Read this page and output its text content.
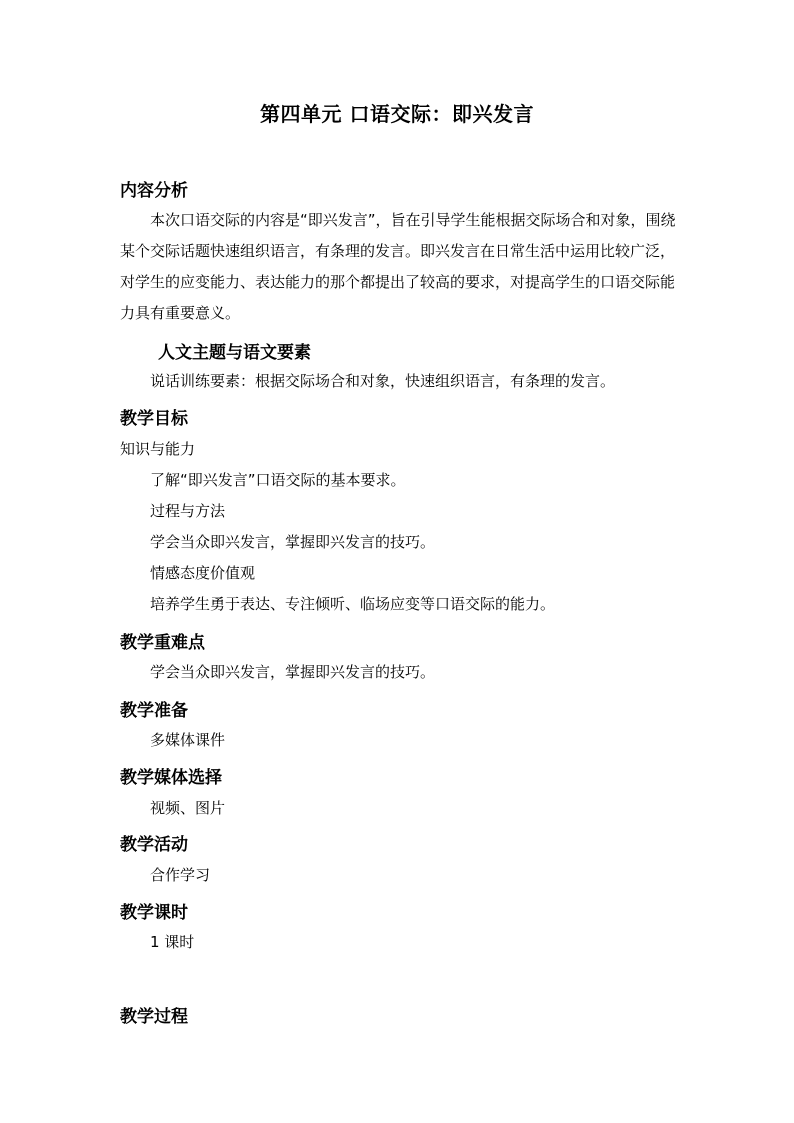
第四单元 口语交际：即兴发言
内容分析
本次口语交际的内容是“即兴发言”，旨在引导学生能根据交际场合和对象，围绕某个交际话题快速组织语言，有条理的发言。即兴发言在日常生活中运用比较广泛，对学生的应变能力、表达能力的那个都提出了较高的要求，对提高学生的口语交际能力具有重要意义。
人文主题与语文要素
说话训练要素：根据交际场合和对象，快速组织语言，有条理的发言。
教学目标
知识与能力
了解“即兴发言”口语交际的基本要求。
过程与方法
学会当众即兴发言，掌握即兴发言的技巧。
情感态度价值观
培养学生勇于表达、专注倾听、临场应变等口语交际的能力。
教学重难点
学会当众即兴发言，掌握即兴发言的技巧。
教学准备
多媒体课件
教学媒体选择
视频、图片
教学活动
合作学习
教学课时
1 课时
教学过程
